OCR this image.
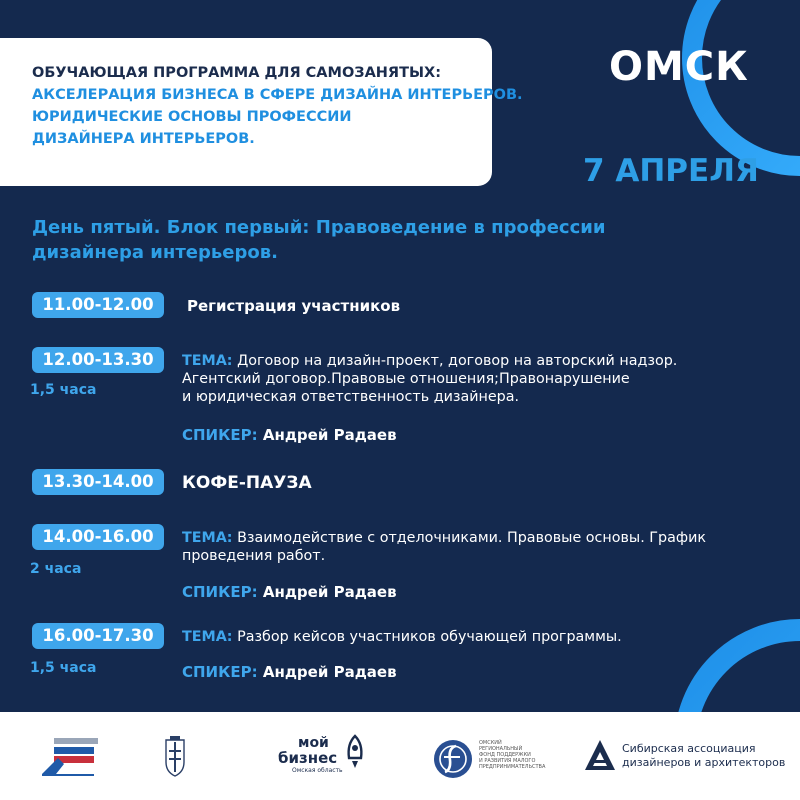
ОБУЧАЮЩАЯ ПРОГРАММА ДЛЯ САМОЗАНЯТЫХ:
АКСЕЛЕРАЦИЯ БИЗНЕСА В СФЕРЕ ДИЗАЙНА ИНТЕРЬЕРОВ.
ЮРИДИЧЕСКИЕ ОСНОВЫ ПРОФЕССИИ
ДИЗАЙНЕРА ИНТЕРЬЕРОВ.
ОМСК
7 АПРЕЛЯ
День пятый. Блок первый: Правоведение в профессии
дизайнера интерьеров.
11.00-12.00	Регистрация участников
12.00-13.30
1,5 часа
ТЕМА: Договор на дизайн-проект, договор на авторский надзор.
Агентский договор.Правовые отношения;Правонарушение
и юридическая ответственность дизайнера.
СПИКЕР: Андрей Радаев
13.30-14.00	КОФЕ-ПАУЗА
14.00-16.00
2 часа
ТЕМА: Взаимодействие с отделочниками. Правовые основы. График
проведения работ.
СПИКЕР: Андрей Радаев
16.00-17.30
1,5 часа
ТЕМА: Разбор кейсов участников обучающей программы.
СПИКЕР: Андрей Радаев
мой
бизнес
Омская область
ОМСКИЙ
РЕГИОНАЛЬНЫЙ
ФОНД ПОДДЕРЖКИ
И РАЗВИТИЯ МАЛОГО
ПРЕДПРИНИМАТЕЛЬСТВА
Сибирская ассоциация
дизайнеров и архитекторов
